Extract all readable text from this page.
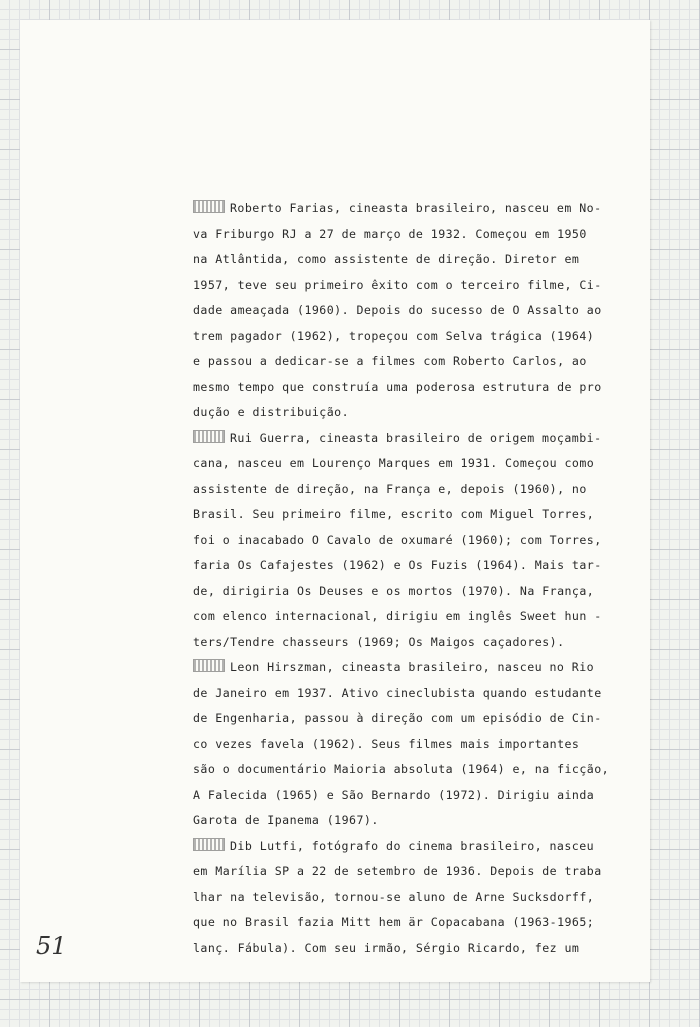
Roberto Farias, cineasta brasileiro, nasceu em No-
va Friburgo RJ a 27 de março de 1932. Começou em 1950
na Atlântida, como assistente de direção. Diretor em
1957, teve seu primeiro êxito com o terceiro filme, Ci-
dade ameaçada (1960). Depois do sucesso de O Assalto ao
trem pagador (1962), tropeçou com Selva trágica (1964)
e passou a dedicar-se a filmes com Roberto Carlos, ao
mesmo tempo que construía uma poderosa estrutura de pro
dução e distribuição.
Rui Guerra, cineasta brasileiro de origem moçambi-
cana, nasceu em Lourenço Marques em 1931. Começou como
assistente de direção, na França e, depois (1960), no
Brasil. Seu primeiro filme, escrito com Miguel Torres,
foi o inacabado O Cavalo de oxumaré (1960); com Torres,
faria Os Cafajestes (1962) e Os Fuzis (1964). Mais tar-
de, dirigiria Os Deuses e os mortos (1970). Na França,
com elenco internacional, dirigiu em inglês Sweet hun -
ters/Tendre chasseurs (1969; Os Maigos caçadores).
Leon Hirszman, cineasta brasileiro, nasceu no Rio
de Janeiro em 1937. Ativo cineclubista quando estudante
de Engenharia, passou à direção com um episódio de Cin-
co vezes favela (1962). Seus filmes mais importantes
são o documentário Maioria absoluta (1964) e, na ficção,
A Falecida (1965) e São Bernardo (1972). Dirigiu ainda
Garota de Ipanema (1967).
Dib Lutfi, fotógrafo do cinema brasileiro, nasceu
em Marília SP a 22 de setembro de 1936. Depois de traba
lhar na televisão, tornou-se aluno de Arne Sucksdorff,
que no Brasil fazia Mitt hem är Copacabana (1963-1965;
lanç. Fábula). Com seu irmão, Sérgio Ricardo, fez um
51
